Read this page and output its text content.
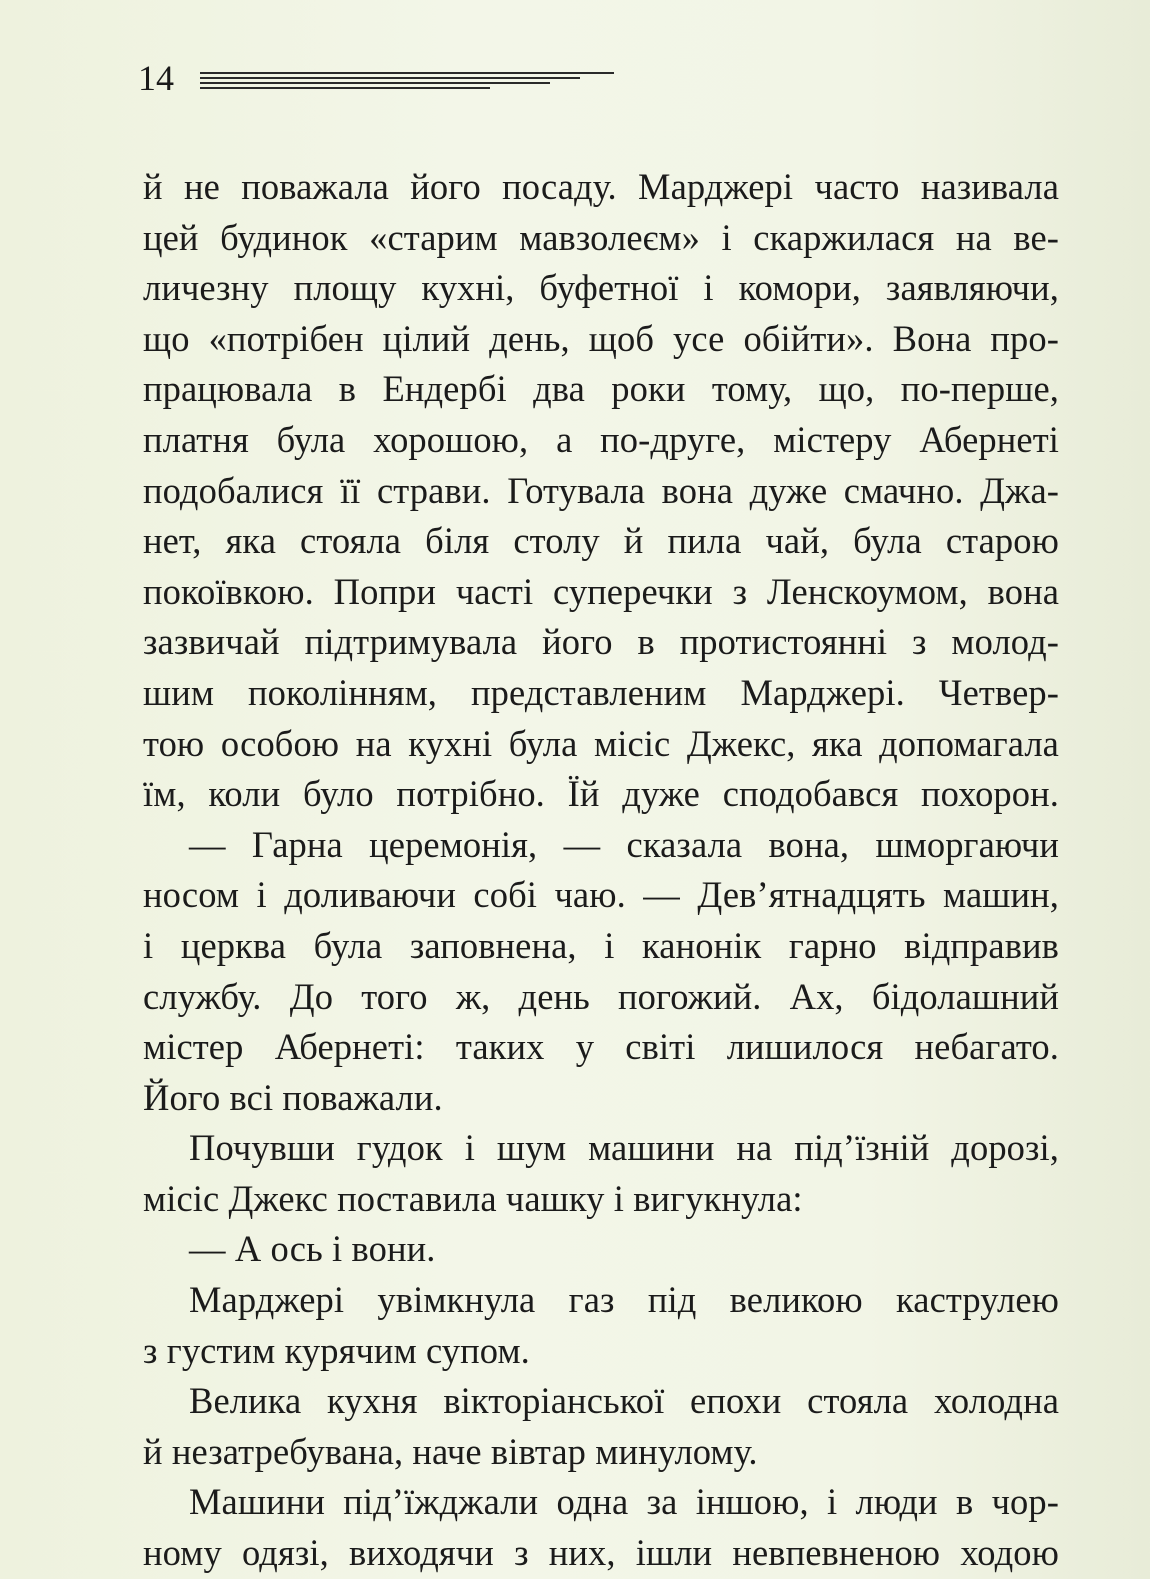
14
й не поважала його посаду. Марджері часто називала
цей будинок «старим мавзолеєм» і скаржилася на ве-
личезну площу кухні, буфетної і комори, заявляючи,
що «потрібен цілий день, щоб усе обійти». Вона про-
працювала в Ендербі два роки тому, що, по-перше,
платня була хорошою, а по-друге, містеру Абернеті
подобалися її страви. Готувала вона дуже смачно. Джа-
нет, яка стояла біля столу й пила чай, була старою
покоївкою. Попри часті суперечки з Ленскоумом, вона
зазвичай підтримувала його в протистоянні з молод-
шим поколінням, представленим Марджері. Четвер-
тою особою на кухні була місіс Джекс, яка допомагала
їм, коли було потрібно. Їй дуже сподобався похорон.
— Гарна церемонія, — сказала вона, шморгаючи
носом і доливаючи собі чаю. — Дев’ятнадцять машин,
і церква була заповнена, і канонік гарно відправив
службу. До того ж, день погожий. Ах, бідолашний
містер Абернеті: таких у світі лишилося небагато.
Його всі поважали.
Почувши гудок і шум машини на під’їзній дорозі,
місіс Джекс поставила чашку і вигукнула:
— А ось і вони.
Марджері увімкнула газ під великою каструлею
з густим курячим супом.
Велика кухня вікторіанської епохи стояла холодна
й незатребувана, наче вівтар минулому.
Машини під’їжджали одна за іншою, і люди в чор-
ному одязі, виходячи з них, ішли невпевненою ходою
